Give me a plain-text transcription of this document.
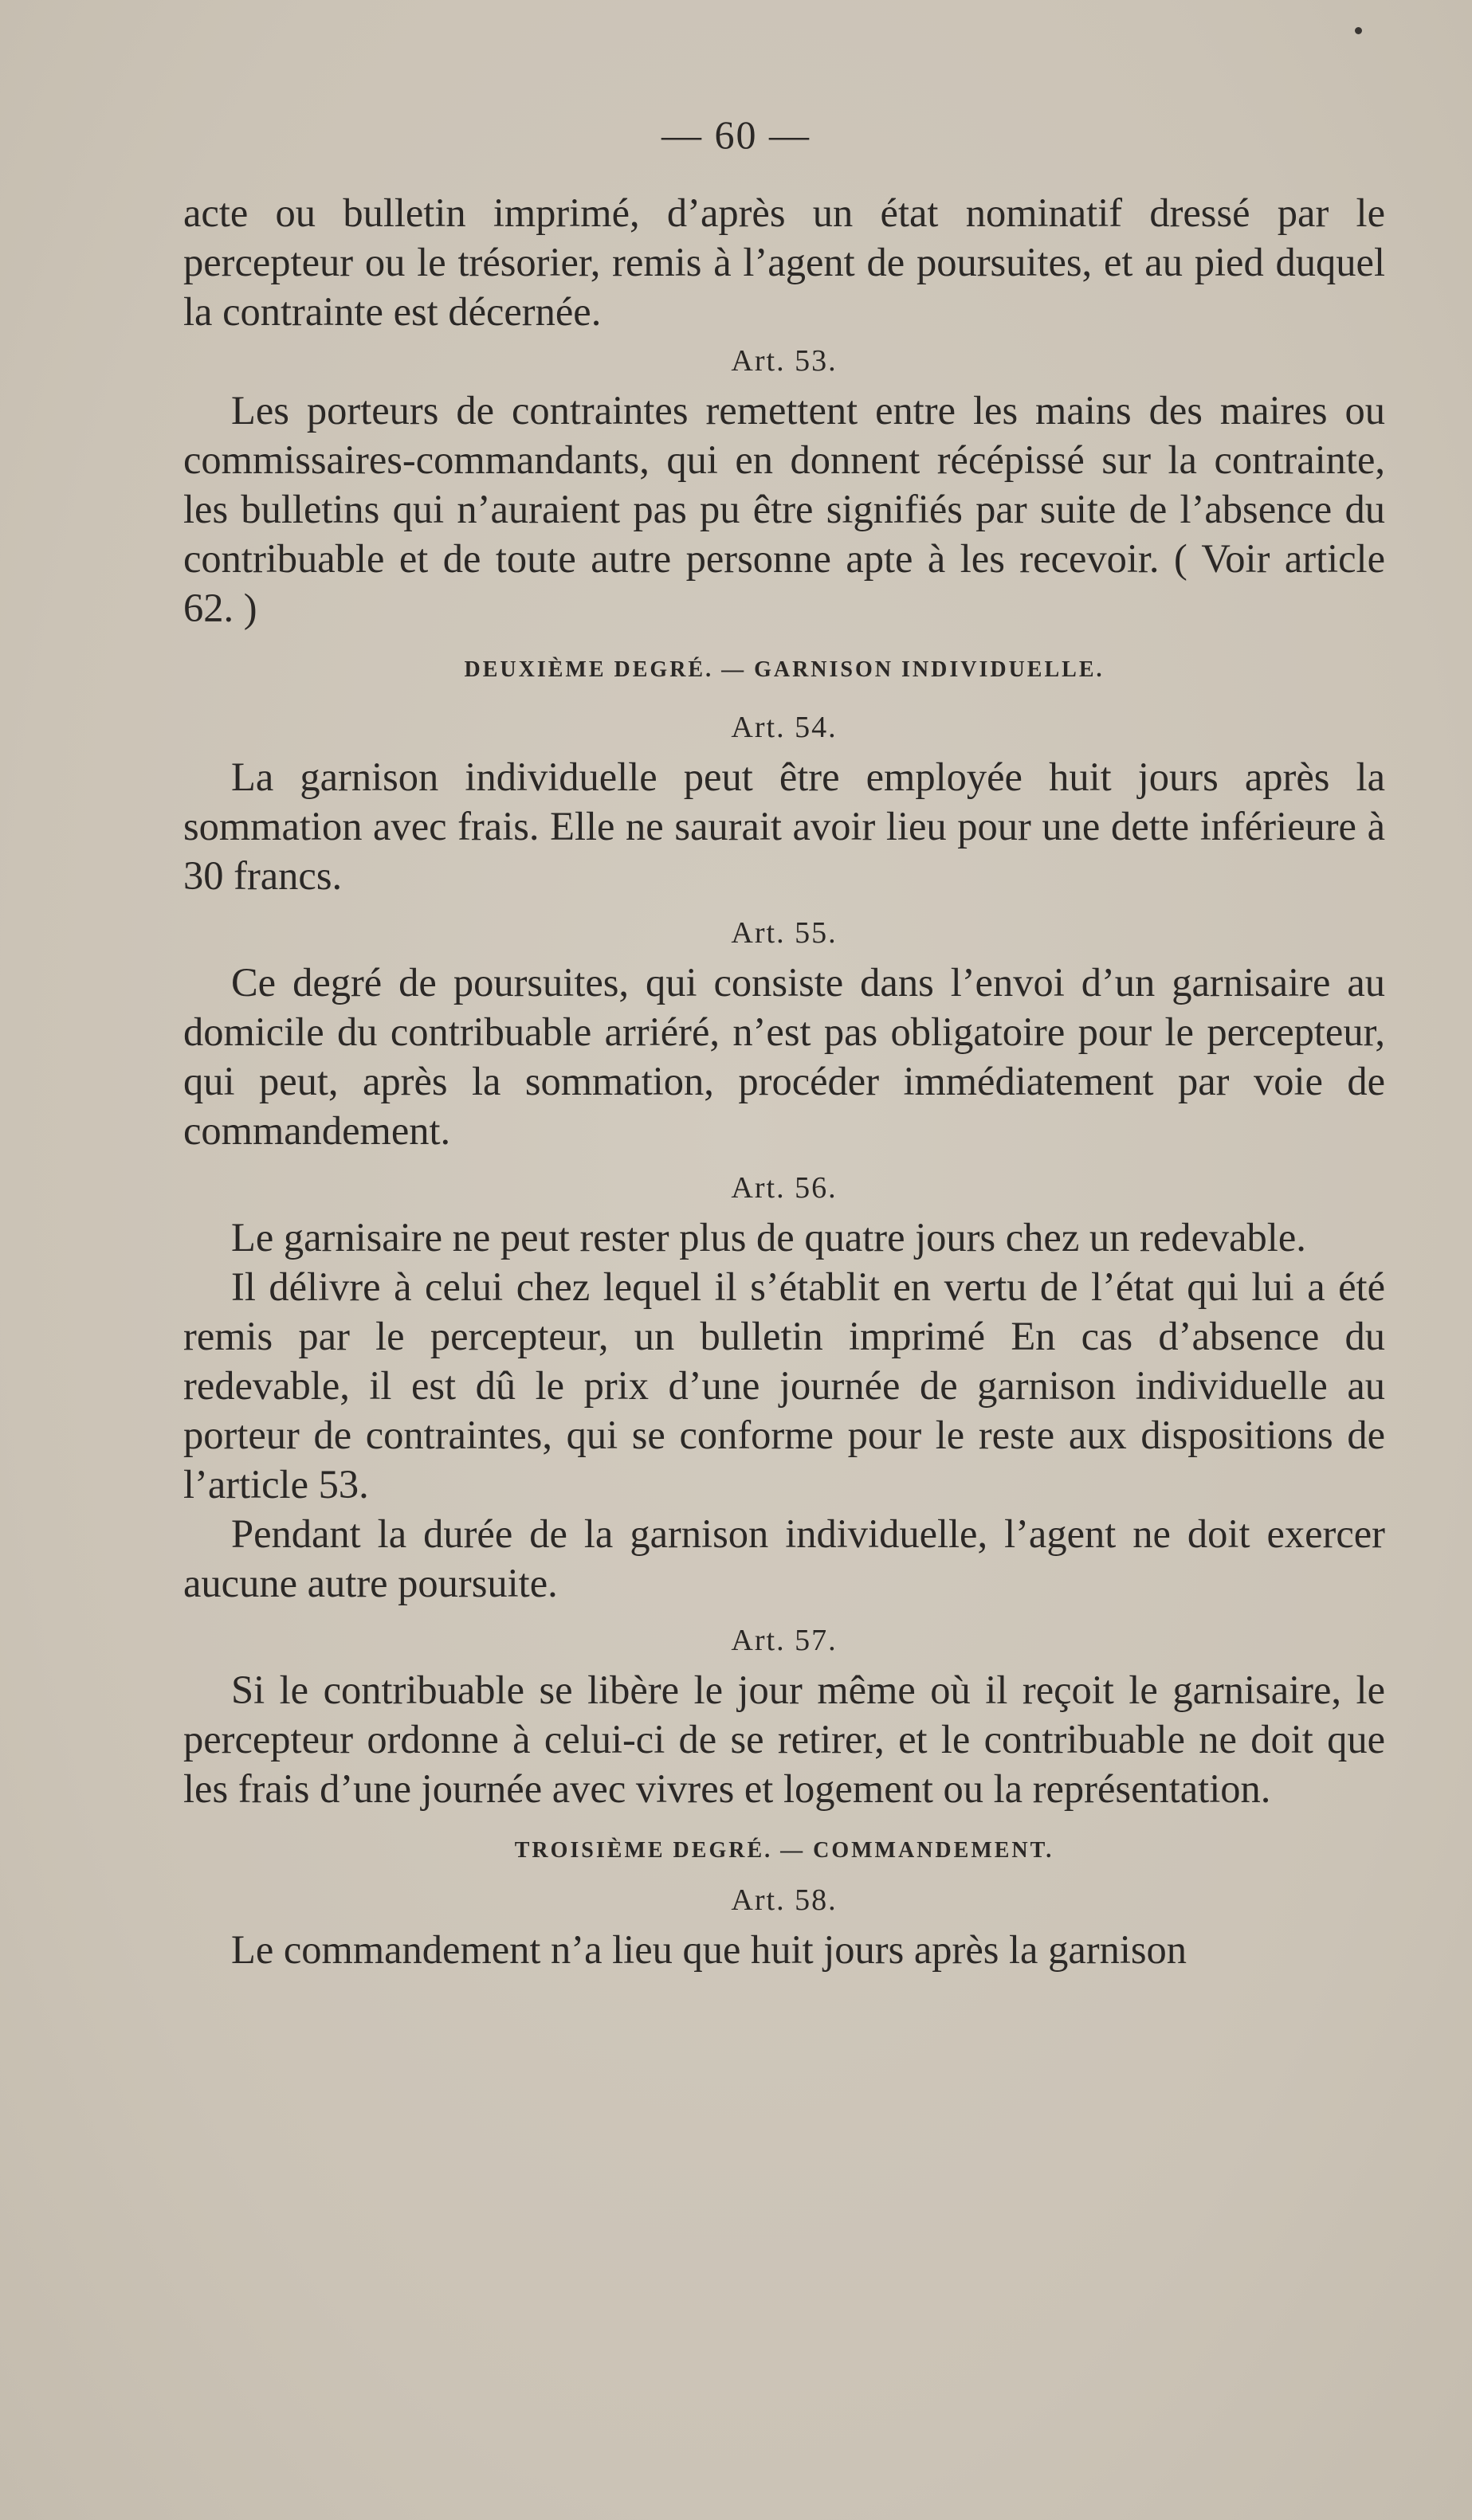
— 60 —

acte ou bulletin imprimé, d’après un état nominatif dressé par le percepteur ou le trésorier, remis à l’agent de poursuites, et au pied duquel la contrainte est décernée.

Art. 53.

Les porteurs de contraintes remettent entre les mains des maires ou commissaires-commandants, qui en donnent récépissé sur la contrainte, les bulletins qui n’auraient pas pu être signifiés par suite de l’absence du contribuable et de toute autre personne apte à les recevoir. ( Voir article 62. )

DEUXIÈME DEGRÉ. — GARNISON INDIVIDUELLE.

Art. 54.

La garnison individuelle peut être employée huit jours après la sommation avec frais. Elle ne saurait avoir lieu pour une dette inférieure à 30 francs.

Art. 55.

Ce degré de poursuites, qui consiste dans l’envoi d’un garnisaire au domicile du contribuable arriéré, n’est pas obligatoire pour le percepteur, qui peut, après la sommation, procéder immédiatement par voie de commandement.

Art. 56.

Le garnisaire ne peut rester plus de quatre jours chez un redevable.

Il délivre à celui chez lequel il s’établit en vertu de l’état qui lui a été remis par le percepteur, un bulletin imprimé En cas d’absence du redevable, il est dû le prix d’une journée de garnison individuelle au porteur de contraintes, qui se conforme pour le reste aux dispositions de l’article 53.

Pendant la durée de la garnison individuelle, l’agent ne doit exercer aucune autre poursuite.

Art. 57.

Si le contribuable se libère le jour même où il reçoit le garnisaire, le percepteur ordonne à celui-ci de se retirer, et le contribuable ne doit que les frais d’une journée avec vivres et logement ou la représentation.

TROISIÈME DEGRÉ. — COMMANDEMENT.

Art. 58.

Le commandement n’a lieu que huit jours après la garnison
